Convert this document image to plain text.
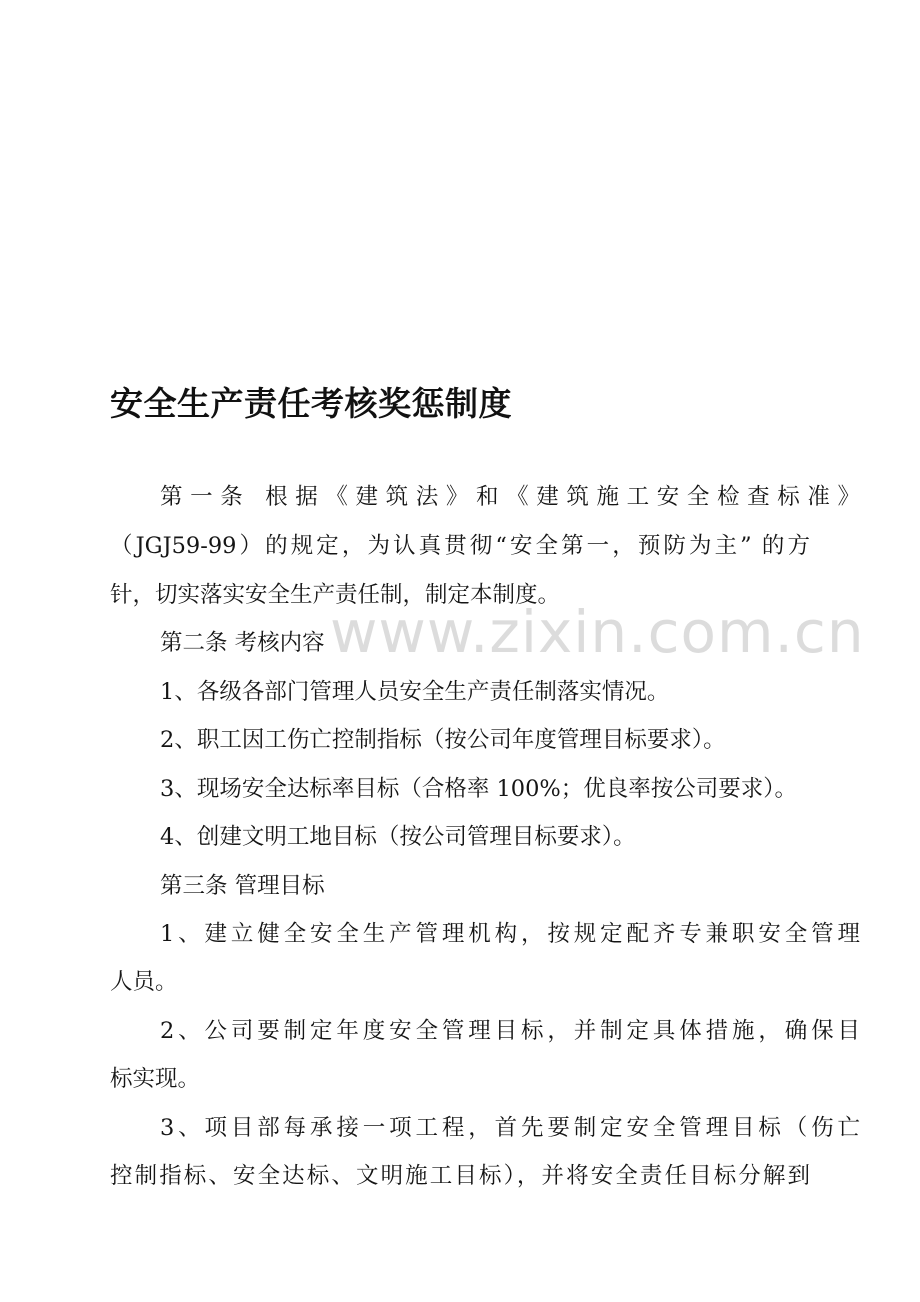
安全生产责任考核奖惩制度
www.zixin.com.cn
第一条 根据《建筑法》和《建筑施工安全检查标准》
（JGJ59-99）的规定，为认真贯彻“安全第一，预防为主” 的方
针，切实落实安全生产责任制，制定本制度。
第二条 考核内容
1、各级各部门管理人员安全生产责任制落实情况。
2、职工因工伤亡控制指标（按公司年度管理目标要求）。
3、现场安全达标率目标（合格率 100%；优良率按公司要求）。
4、创建文明工地目标（按公司管理目标要求）。
第三条 管理目标
1、建立健全安全生产管理机构，按规定配齐专兼职安全管理
人员。
2、公司要制定年度安全管理目标，并制定具体措施，确保目
标实现。
3、项目部每承接一项工程，首先要制定安全管理目标（伤亡
控制指标、安全达标、文明施工目标），并将安全责任目标分解到
